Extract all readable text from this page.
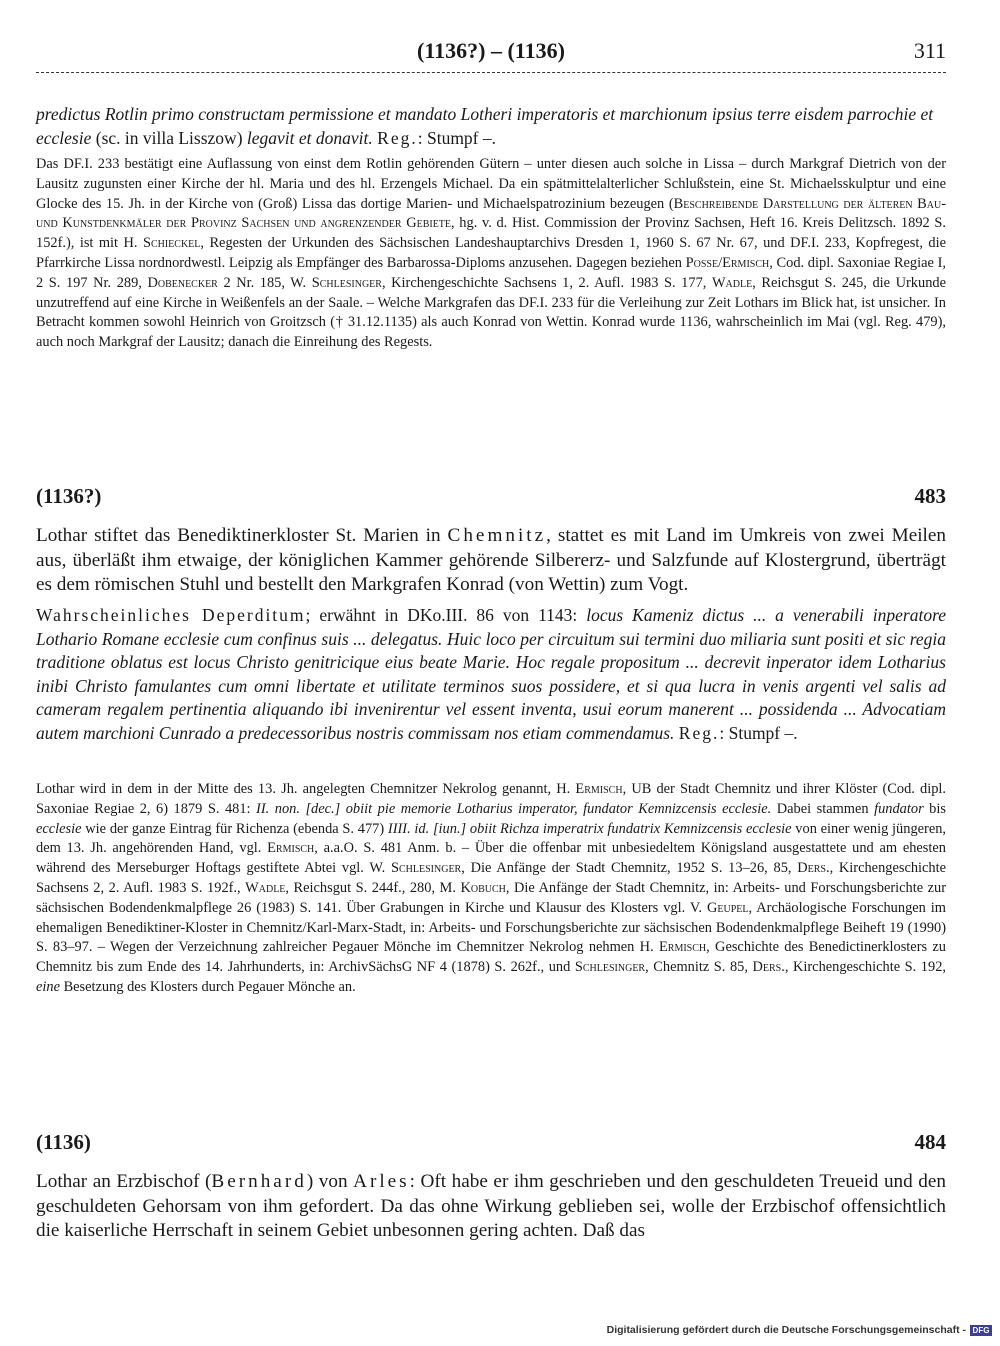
(1136?) – (1136)	311
predictus Rotlin primo constructam permissione et mandato Lotheri imperatoris et marchionum ipsius terre eisdem parrochie et ecclesie (sc. in villa Lisszow) legavit et donavit. Reg.: Stumpf –.
Das DF.I. 233 bestätigt eine Auflassung von einst dem Rotlin gehörenden Gütern – unter diesen auch solche in Lissa – durch Markgraf Dietrich von der Lausitz zugunsten einer Kirche der hl. Maria und des hl. Erzengels Michael. Da ein spätmittelalterlicher Schlußstein, eine St. Michaelsskulptur und eine Glocke des 15. Jh. in der Kirche von (Groß) Lissa das dortige Marien- und Michaelspatrozinium bezeugen (Beschreibende Darstellung der älteren Bau- und Kunstdenkmäler der Provinz Sachsen und angrenzender Gebiete, hg. v. d. Hist. Commission der Provinz Sachsen, Heft 16. Kreis Delitzsch. 1892 S. 152f.), ist mit H. Schieckel, Regesten der Urkunden des Sächsischen Landeshauptarchivs Dresden 1, 1960 S. 67 Nr. 67, und DF.I. 233, Kopfregest, die Pfarrkirche Lissa nordnordwestl. Leipzig als Empfänger des Barbarossa-Diploms anzusehen. Dagegen beziehen Posse/Ermisch, Cod. dipl. Saxoniae Regiae I, 2 S. 197 Nr. 289, Dobenecker 2 Nr. 185, W. Schlesinger, Kirchengeschichte Sachsens 1, 2. Aufl. 1983 S. 177, Wadle, Reichsgut S. 245, die Urkunde unzutreffend auf eine Kirche in Weißenfels an der Saale. – Welche Markgrafen das DF.I. 233 für die Verleihung zur Zeit Lothars im Blick hat, ist unsicher. In Betracht kommen sowohl Heinrich von Groitzsch († 31.12.1135) als auch Konrad von Wettin. Konrad wurde 1136, wahrscheinlich im Mai (vgl. Reg. 479), auch noch Markgraf der Lausitz; danach die Einreihung des Regests.
(1136?)	483
Lothar stiftet das Benediktinerkloster St. Marien in Chemnitz, stattet es mit Land im Umkreis von zwei Meilen aus, überläßt ihm etwaige, der königlichen Kammer gehörende Silbererz- und Salzfunde auf Klostergrund, überträgt es dem römischen Stuhl und bestellt den Markgrafen Konrad (von Wettin) zum Vogt.
Wahrscheinliches Deperditum; erwähnt in DKo.III. 86 von 1143: locus Kameniz dictus ... a venerabili inperatore Lothario Romane ecclesie cum confinus suis ... delegatus. Huic loco per circuitum sui termini duo miliaria sunt positi et sic regia traditione oblatus est locus Christo genitricique eius beate Marie. Hoc regale propositum ... decrevit inperator idem Lotharius inibi Christo famulantes cum omni libertate et utilitate terminos suos possidere, et si qua lucra in venis argenti vel salis ad cameram regalem pertinentia aliquando ibi invenirentur vel essent inventa, usui eorum manerent ... possidenda ... Advocatiam autem marchioni Cunrado a predecessoribus nostris commissam nos etiam commendamus. Reg.: Stumpf –.
Lothar wird in dem in der Mitte des 13. Jh. angelegten Chemnitzer Nekrolog genannt, H. Ermisch, UB der Stadt Chemnitz und ihrer Klöster (Cod. dipl. Saxoniae Regiae 2, 6) 1879 S. 481: II. non. [dec.] obiit pie memorie Lotharius imperator, fundator Kemnizcensis ecclesie. Dabei stammen fundator bis ecclesie wie der ganze Eintrag für Richenza (ebenda S. 477) IIII. id. [iun.] obiit Richza imperatrix fundatrix Kemnizcensis ecclesie von einer wenig jüngeren, dem 13. Jh. angehörenden Hand, vgl. Ermisch, a.a.O. S. 481 Anm. b. – Über die offenbar mit unbesiedeltem Königsland ausgestattete und am ehesten während des Merseburger Hoftags gestiftete Abtei vgl. W. Schlesinger, Die Anfänge der Stadt Chemnitz, 1952 S. 13–26, 85, Ders., Kirchengeschichte Sachsens 2, 2. Aufl. 1983 S. 192f., Wadle, Reichsgut S. 244f., 280, M. Kobuch, Die Anfänge der Stadt Chemnitz, in: Arbeits- und Forschungsberichte zur sächsischen Bodendenkmalpflege 26 (1983) S. 141. Über Grabungen in Kirche und Klausur des Klosters vgl. V. Geupel, Archäologische Forschungen im ehemaligen Benediktiner-Kloster in Chemnitz/Karl-Marx-Stadt, in: Arbeits- und Forschungsberichte zur sächsischen Bodendenkmalpflege Beiheft 19 (1990) S. 83–97. – Wegen der Verzeichnung zahlreicher Pegauer Mönche im Chemnitzer Nekrolog nehmen H. Ermisch, Geschichte des Benedictinerklosters zu Chemnitz bis zum Ende des 14. Jahrhunderts, in: ArchivSächsG NF 4 (1878) S. 262f., und Schlesinger, Chemnitz S. 85, Ders., Kirchengeschichte S. 192, eine Besetzung des Klosters durch Pegauer Mönche an.
(1136)	484
Lothar an Erzbischof (Bernhard) von Arles: Oft habe er ihm geschrieben und den geschuldeten Treueid und den geschuldeten Gehorsam von ihm gefordert. Da das ohne Wirkung geblieben sei, wolle der Erzbischof offensichtlich die kaiserliche Herrschaft in seinem Gebiet unbesonnen gering achten. Daß das
Digitalisierung gefördert durch die Deutsche Forschungsgemeinschaft - DFG
